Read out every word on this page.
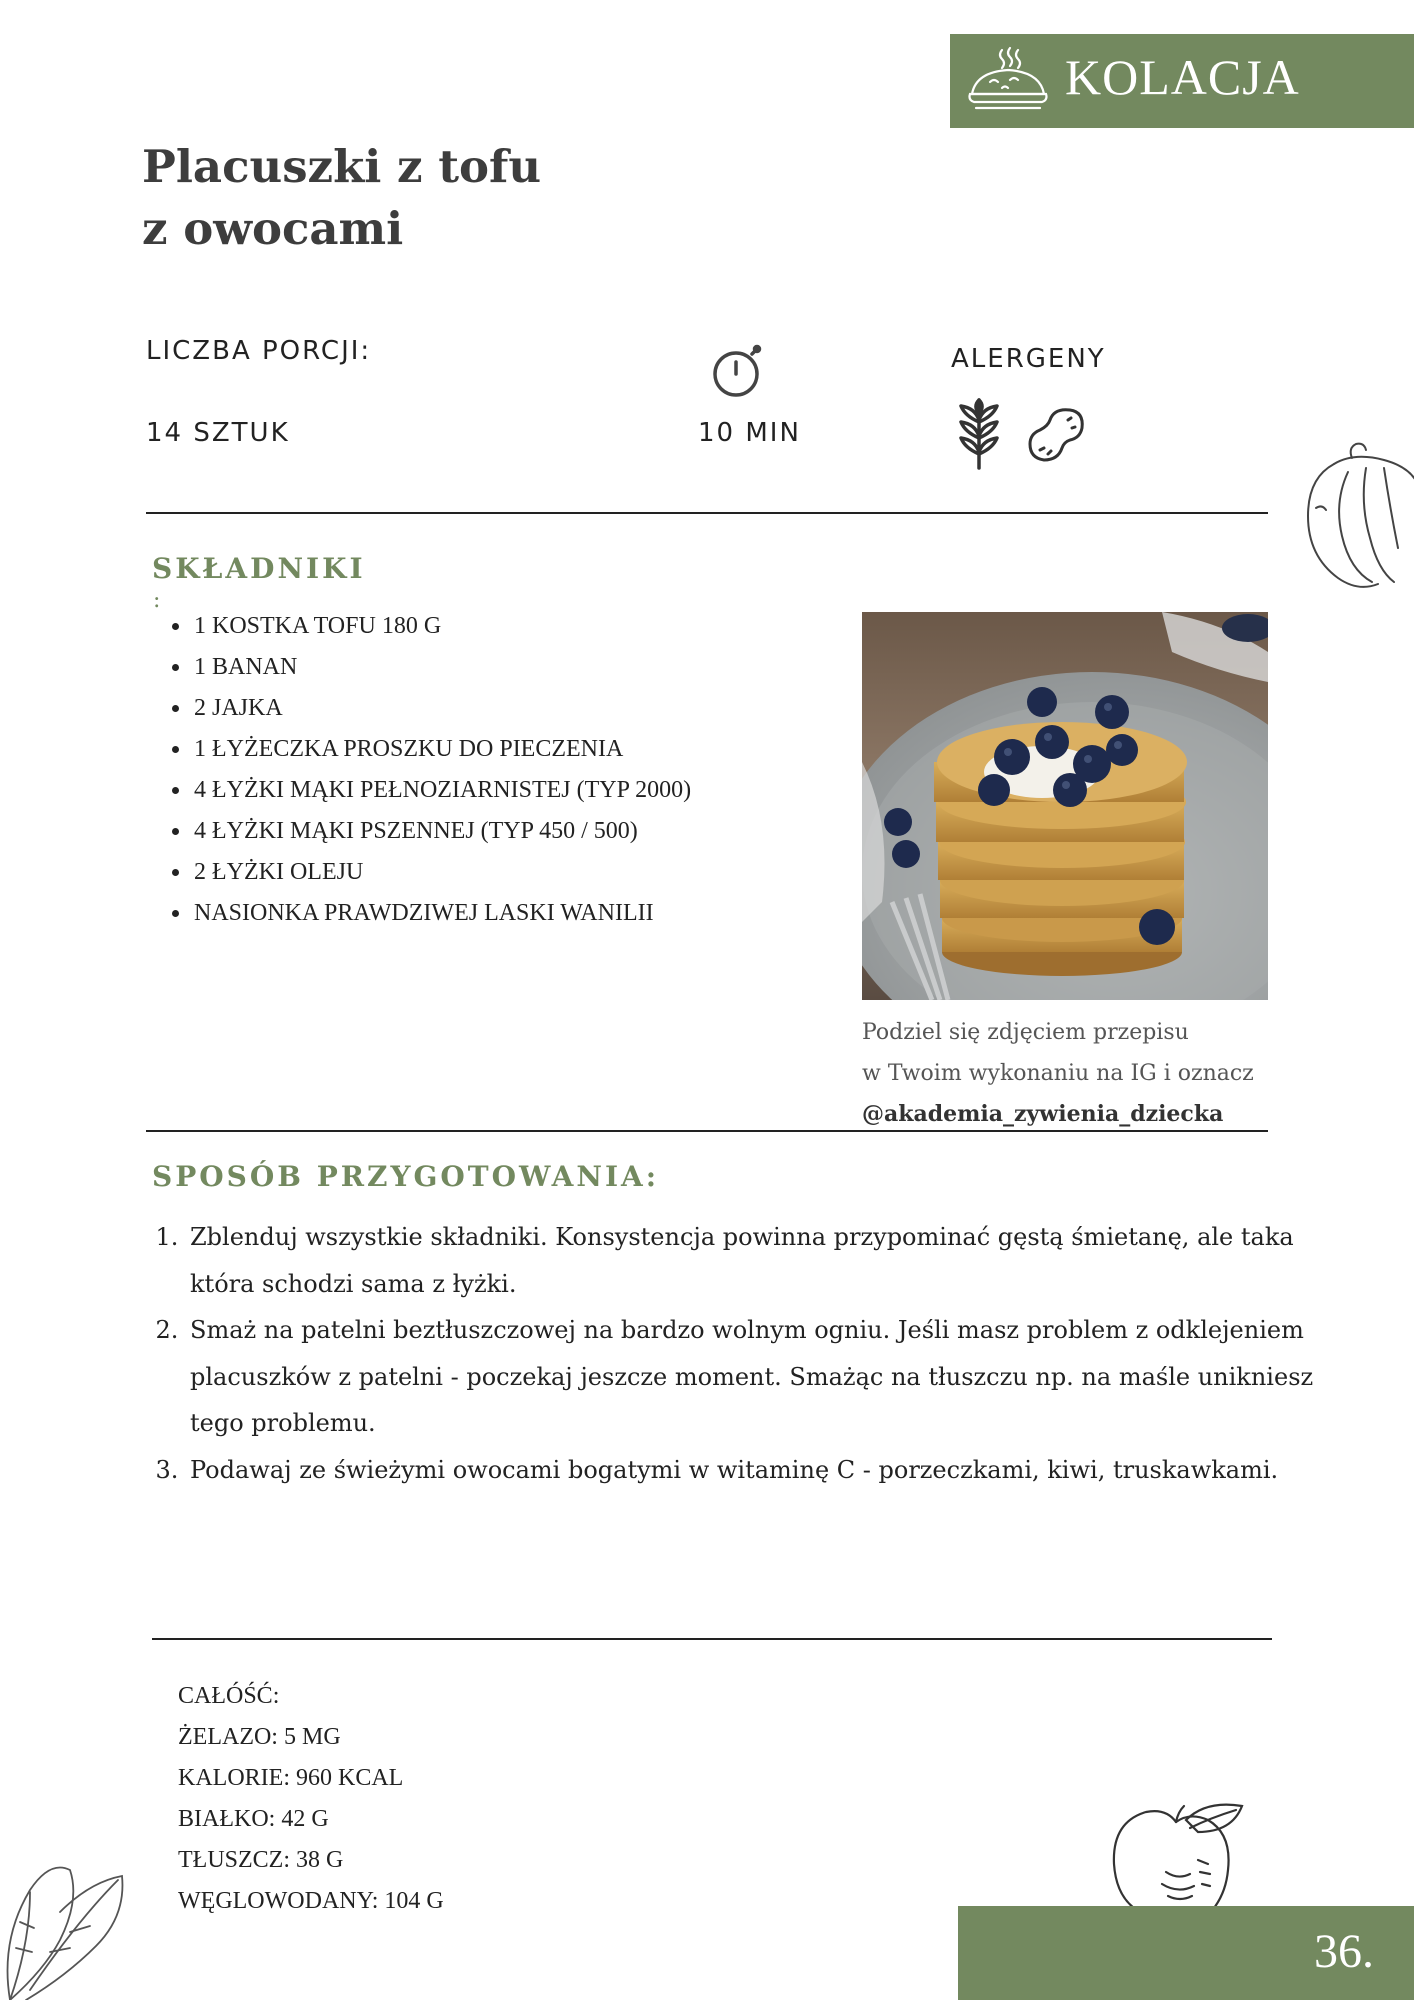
KOLACJA
Placuszki z tofu
z owocami
LICZBA PORCJI:
14 SZTUK	10 MIN
ALERGENY
SKŁADNIKI
:
• 1 KOSTKA TOFU 180 G
• 1 BANAN
• 2 JAJKA
• 1 ŁYŻECZKA PROSZKU DO PIECZENIA
• 4 ŁYŻKI MĄKI PEŁNOZIARNISTEJ (TYP 2000)
• 4 ŁYŻKI MĄKI PSZENNEJ (TYP 450 / 500)
• 2 ŁYŻKI OLEJU
• NASIONKA PRAWDZIWEJ LASKI WANILII
Podziel się zdjęciem przepisu
w Twoim wykonaniu na IG i oznacz
@akademia_zywienia_dziecka
SPOSÓB PRZYGOTOWANIA:
1. Zblenduj wszystkie składniki. Konsystencja powinna przypominać gęstą śmietanę, ale taka która schodzi sama z łyżki.
2. Smaż na patelni beztłuszczowej na bardzo wolnym ogniu. Jeśli masz problem z odklejeniem placuszków z patelni - poczekaj jeszcze moment. Smażąc na tłuszczu np. na maśle unikniesz tego problemu.
3. Podawaj ze świeżymi owocami bogatymi w witaminę C - porzeczkami, kiwi, truskawkami.
CAŁÓŚĆ:
ŻELAZO: 5 MG
KALORIE: 960 KCAL
BIAŁKO: 42 G
TŁUSZCZ: 38 G
WĘGLOWODANY: 104 G
36.
